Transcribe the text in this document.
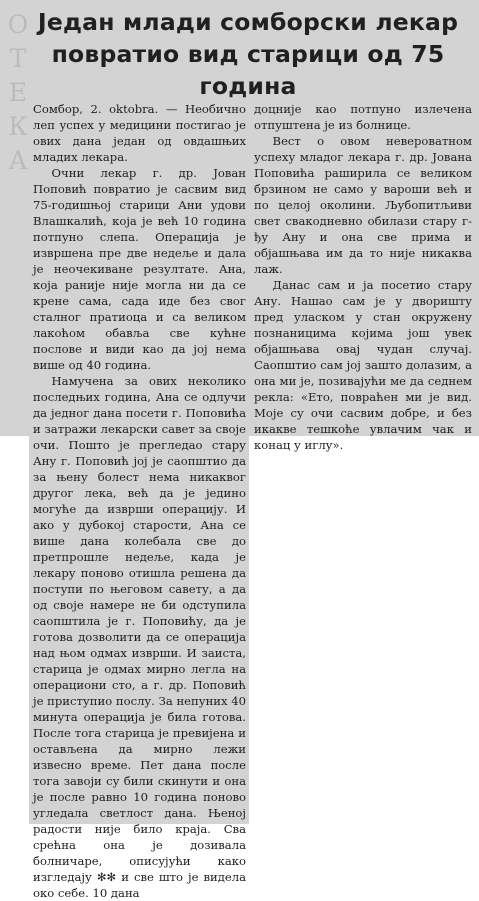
О
Т
Е
К
А
Један млади сомборски лекар повратио вид старици од 75 година

Сомбор, 2. oktobra. — Необично леп успех у медицини постигао је ових дана један од овдашњих младих лекара.

Очни лекар г. др. Јован Поповић повратио је сасвим вид 75-годишњој старици Ани удови Влашкалић, која је већ 10 година потпуно слепа. Операција је извршена пре две недеље и дала је неочекиване резултате. Ана, која раније није могла ни да се крене сама, сада иде без свог сталног пратиоца и са великом лакоћом обавља све кућне послове и види као да јој нема више од 40 година.

Намучена за ових неколико последњих година, Ана се одлучи да једног дана посети г. Поповића и затражи лекарски савет за своје очи. Пошто је прегледао стару Ану г. Поповић јој је саопштио да за њену болест нема никаквог другог лека, већ да је једино могуће да изврши операцију. И ако у дубокој старости, Ана се више дана колебала све до претпрошле недеље, када је лекару поново отишла решена да поступи по његовом савету, а да од своје намере не би одступила саопштила је г. Поповићу, да је готова дозволити да се операција над њом одмах изврши. И заиста, старица је одмах мирно легла на операциони сто, а г. др. Поповић је приступио послу. За непуних 40 минута операција је била готова. После тога старица је превијена и остављена да мирно лежи извесно време. Пет дана после тога завоји су били скинути и она је после равно 10 година поново угледала светлост дана. Њеној радости није било краја. Сва срећна она је дозивала болничаре, описујући како изгледају ✻✻ и све што је видела око себе. 10 дана

доцније као потпуно излечена отпуштена је из болнице.

Вест о овом неверoватном успеху младог лекара г. др. Јована Поповића раширила се великом брзином не само у вароши већ и по целој околини. Љубопитљиви свет свакодневно обилази стару г-ђу Ану и она све прима и објашњава им да то није никаква лаж.

Данас сам и ја посетио стару Ану. Нашао сам је у дворишту пред уласком у стан окружену познаницима којима још увек објашњава овај чудан случај. Саопштио сам јој зашто долазим, а она ми је, позивајући ме да седнем рекла: «Ето, повраћен ми је вид. Моје су очи сасвим добре, и без икакве тешкоће увлачим чак и конац у иглу».
